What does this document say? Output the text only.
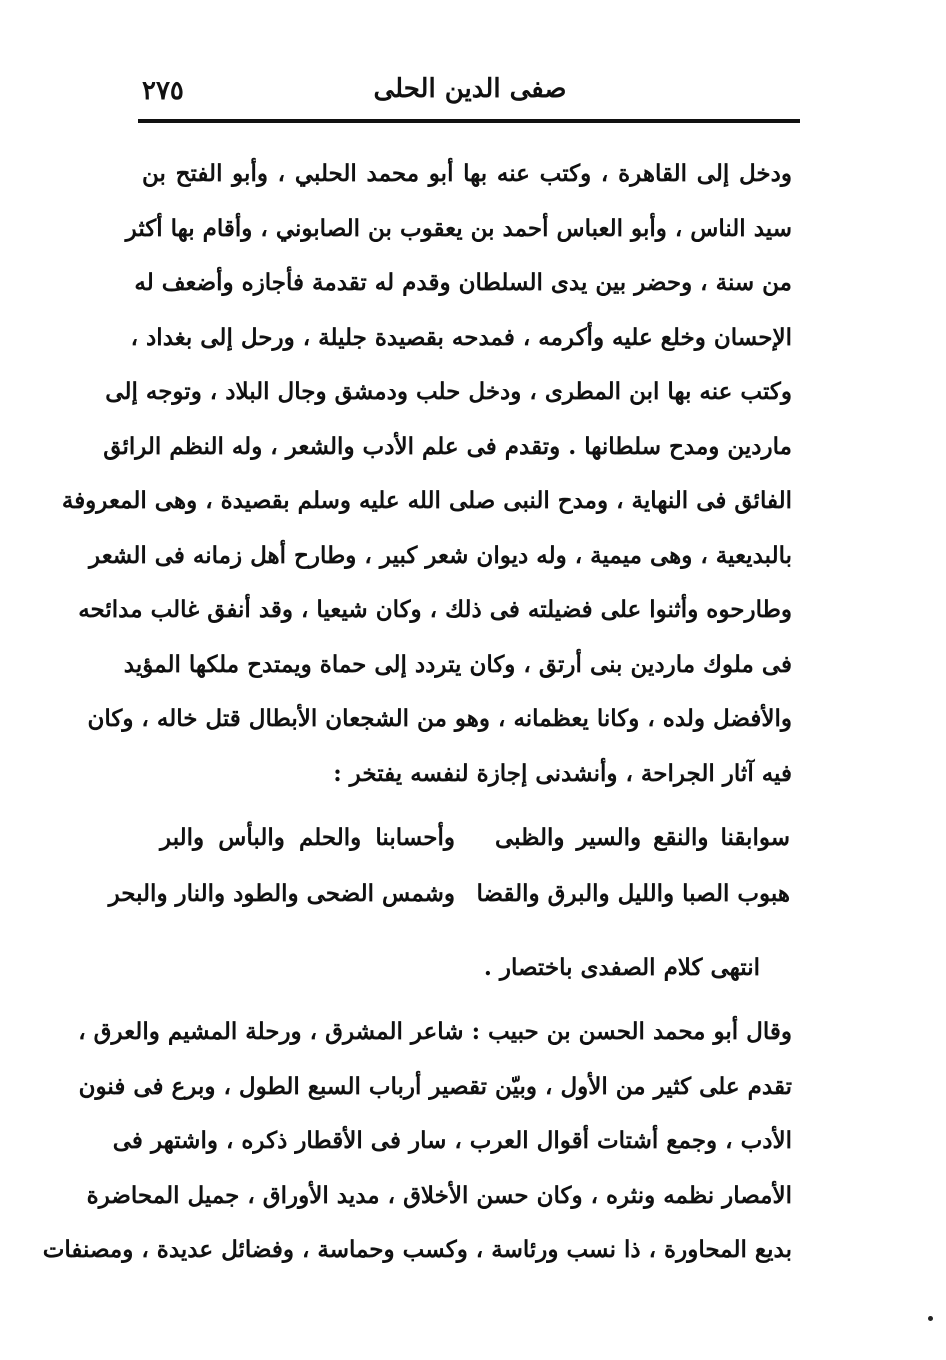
صفى الدين الحلى
٢٧٥
ودخل إلى القاهرة ، وكتب عنه بها أبو محمد الحلبي ، وأبو الفتح بن
سيد الناس ، وأبو العباس أحمد بن يعقوب بن الصابوني ، وأقام بها أكثر
من سنة ، وحضر بين يدى السلطان وقدم له تقدمة فأجازه وأضعف له
الإحسان وخلع عليه وأكرمه ، فمدحه بقصيدة جليلة ، ورحل إلى بغداد ،
وكتب عنه بها ابن المطرى ، ودخل حلب ودمشق وجال البلاد ، وتوجه إلى
ماردين ومدح سلطانها . وتقدم فى علم الأدب والشعر ، وله النظم الرائق
الفائق فى النهاية ، ومدح النبى صلى الله عليه وسلم بقصيدة ، وهى المعروفة
بالبديعية ، وهى ميمية ، وله ديوان شعر كبير ، وطارح أهل زمانه فى الشعر
وطارحوه وأثنوا على فضيلته فى ذلك ، وكان شيعيا ، وقد أنفق غالب مدائحه
فى ملوك ماردين بنى أرتق ، وكان يتردد إلى حماة ويمتدح ملكها المؤيد
والأفضل ولده ، وكانا يعظمانه ، وهو من الشجعان الأبطال قتل خاله ، وكان
فيه آثار الجراحة ، وأنشدنى إجازة لنفسه يفتخر :
سوابقنا والنقع والسير والظبى
وأحسابنا والحلم والبأس والبر
هبوب الصبا والليل والبرق والقضا
وشمس الضحى والطود والنار والبحر
انتهى كلام الصفدى باختصار .
وقال أبو محمد الحسن بن حبيب : شاعر المشرق ، ورحلة المشيم والعرق ،
تقدم على كثير من الأول ، وبيّن تقصير أرباب السبع الطول ، وبرع فى فنون
الأدب ، وجمع أشتات أقوال العرب ، سار فى الأقطار ذكره ، واشتهر فى
الأمصار نظمه ونثره ، وكان حسن الأخلاق ، مديد الأوراق ، جميل المحاضرة
بديع المحاورة ، ذا نسب ورئاسة ، وكسب وحماسة ، وفضائل عديدة ، ومصنفات
